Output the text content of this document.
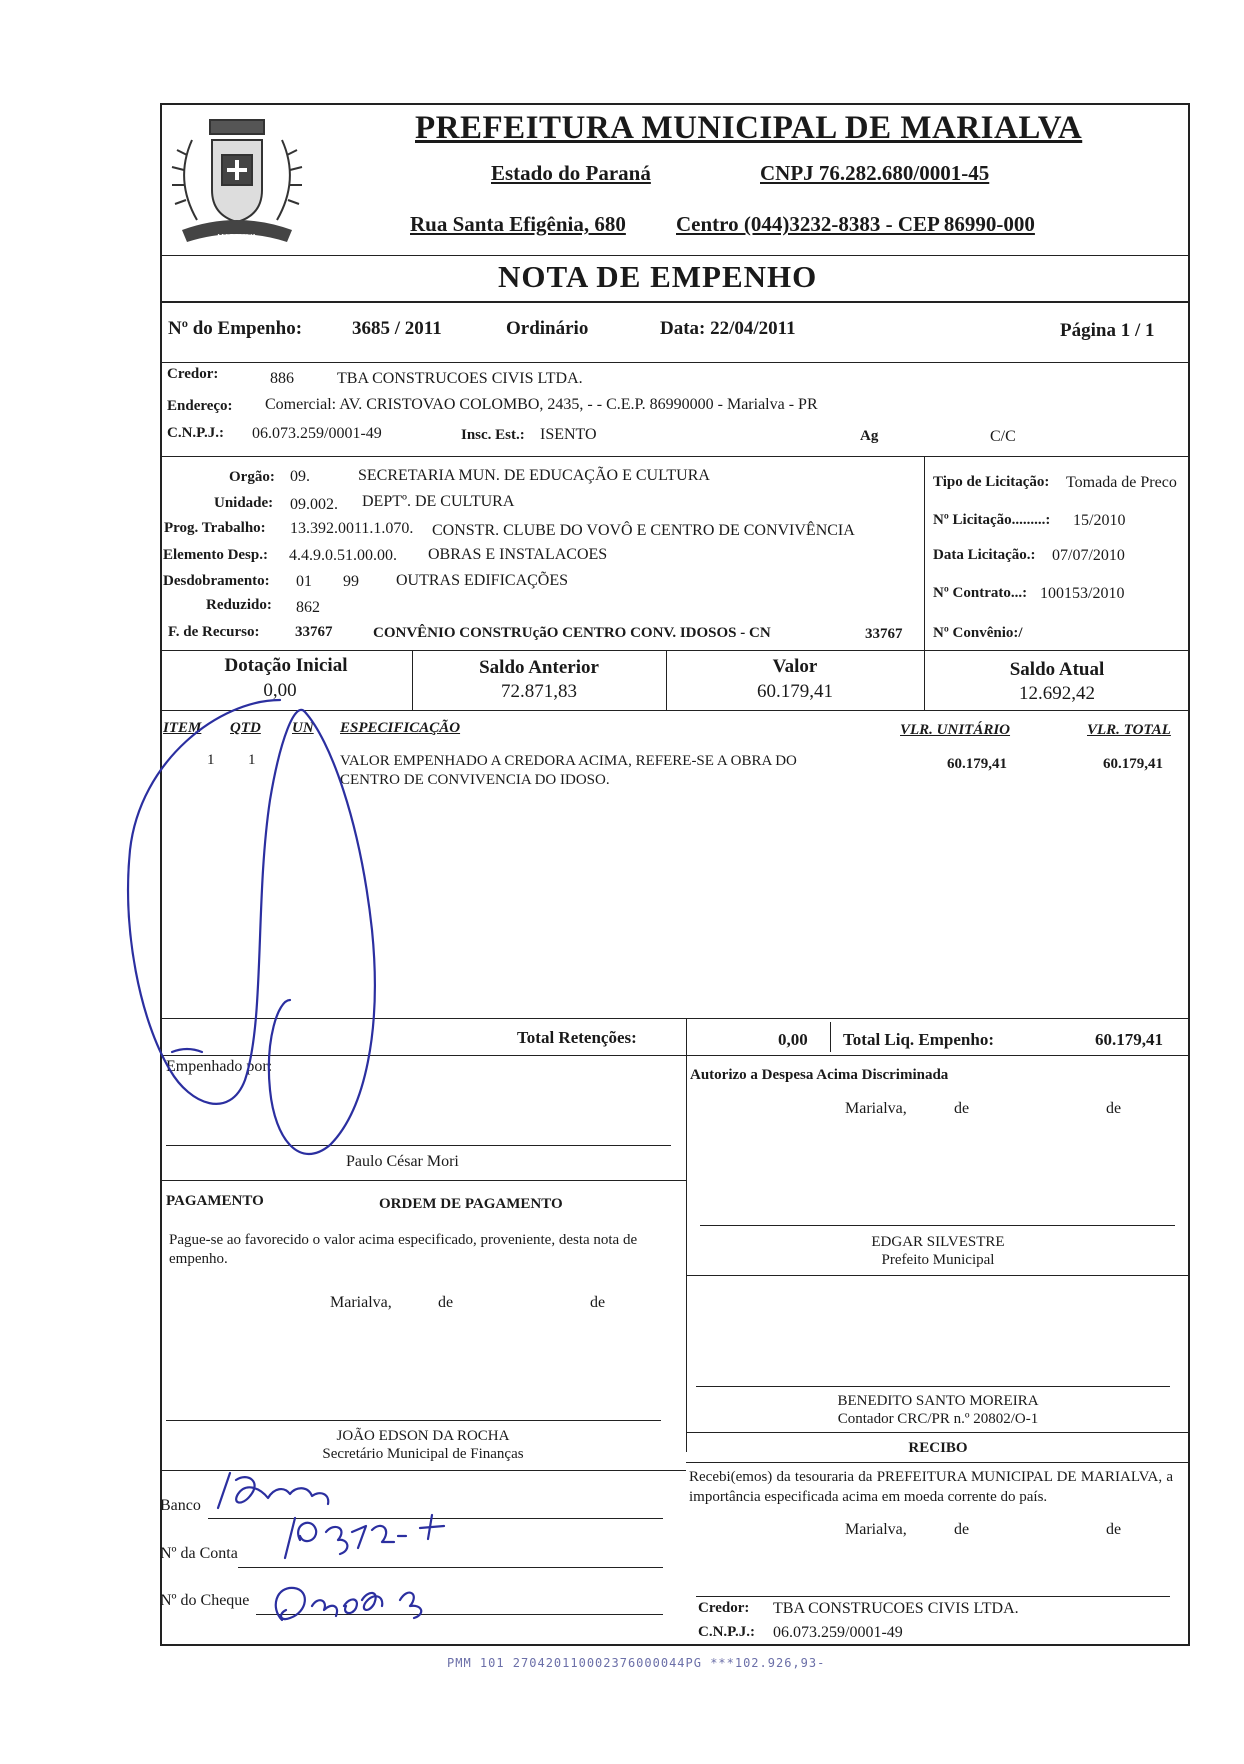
MARIALVA
PREFEITURA MUNICIPAL DE MARIALVA
Estado do Paraná	CNPJ 76.282.680/0001-45
Rua Santa Efigênia, 680 Centro (044)3232-8383 - CEP 86990-000
NOTA DE EMPENHO
Nº do Empenho:	3685 / 2011	Ordinário	Data: 22/04/2011	Página 1 / 1
Credor:	886	TBA CONSTRUCOES CIVIS LTDA.
Endereço: Comercial: AV. CRISTOVAO COLOMBO, 2435, - - C.E.P. 86990000 - Marialva - PR
C.N.P.J.: 06.073.259/0001-49	Insc. Est.: ISENTO	Ag	C/C
Orgão: 09.	SECRETARIA MUN. DE EDUCAÇÃO E CULTURA
Unidade: 09.002. DEPTº. DE CULTURA
Prog. Trabalho: 13.392.0011.1.070. CONSTR. CLUBE DO VOVÔ E CENTRO DE CONVIVÊNCIA
Elemento Desp.: 4.4.9.0.51.00.00. OBRAS E INSTALACOES
Desdobramento: 01 99 OUTRAS EDIFICAÇÕES
Reduzido: 862
F. de Recurso: 33767	CONVÊNIO CONSTRUçãO CENTRO CONV. IDOSOS - CN	33767
Tipo de Licitação: Tomada de Preco
Nº Licitação.........: 15/2010
Data Licitação.: 07/07/2010
Nº Contrato...: 100153/2010
Nº Convênio:/
Dotação Inicial
0,00
Saldo Anterior
72.871,83
Valor
60.179,41
Saldo Atual
12.692,42
ITEM QTD UN ESPECIFICAÇÃO	VLR. UNITÁRIO	VLR. TOTAL
1 1	VALOR EMPENHADO A CREDORA ACIMA, REFERE-SE A OBRA DO
CENTRO DE CONVIVENCIA DO IDOSO.
60.179,41	60.179,41
Total Retenções:	0,00 Total Liq. Empenho:	60.179,41
Empenhado por:
Paulo César Mori
Autorizo a Despesa Acima Discriminada
Marialva,	de	de
EDGAR SILVESTRE
Prefeito Municipal
PAGAMENTO	ORDEM DE PAGAMENTO
Pague-se ao favorecido o valor acima especificado, proveniente, desta nota de empenho.
Marialva,	de	de
JOÃO EDSON DA ROCHA
Secretário Municipal de Finanças
BENEDITO SANTO MOREIRA
Contador CRC/PR n.º 20802/O-1
RECIBO
Recebi(emos) da tesouraria da PREFEITURA MUNICIPAL DE MARIALVA, a importância especificada acima em moeda corrente do país.
Marialva,	de	de
Credor: TBA CONSTRUCOES CIVIS LTDA.
C.N.P.J.: 06.073.259/0001-49
Banco
Nº da Conta
Nº do Cheque
PMM 101 270420110002376000044PG ***102.926,93-
